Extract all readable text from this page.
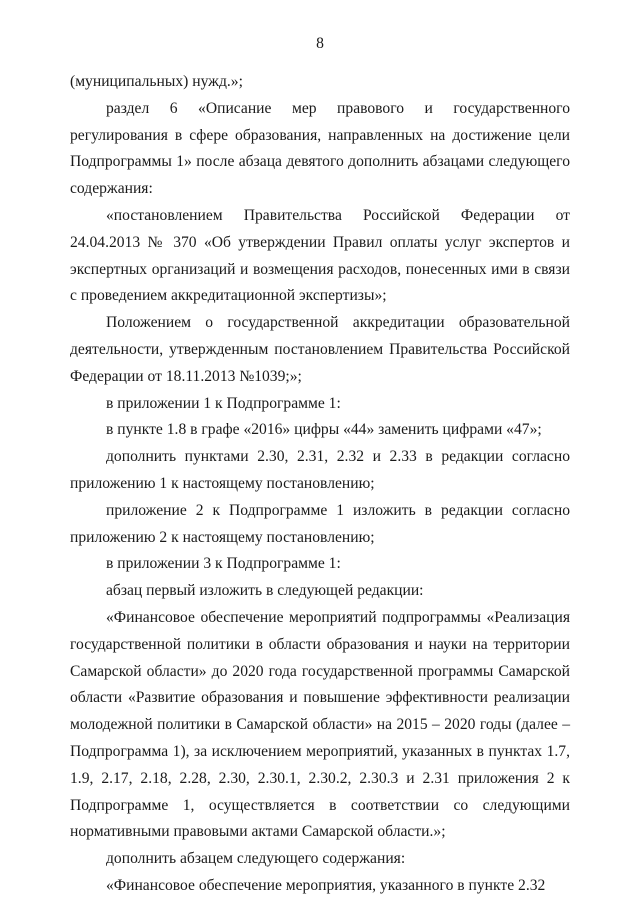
8

(муниципальных) нужд.»;

раздел 6 «Описание мер правового и государственного регулирования в сфере образования, направленных на достижение цели Подпрограммы 1» после абзаца девятого дополнить абзацами следующего содержания:

«постановлением Правительства Российской Федерации от 24.04.2013 № 370 «Об утверждении Правил оплаты услуг экспертов и экспертных организаций и возмещения расходов, понесенных ими в связи с проведением аккредитационной экспертизы»;

Положением о государственной аккредитации образовательной деятельности, утвержденным постановлением Правительства Российской Федерации от 18.11.2013 №1039;»;

в приложении 1 к Подпрограмме 1:

в пункте 1.8 в графе «2016» цифры «44» заменить цифрами «47»;

дополнить пунктами 2.30, 2.31, 2.32 и 2.33 в редакции согласно приложению 1 к настоящему постановлению;

приложение 2 к Подпрограмме 1 изложить в редакции согласно приложению 2 к настоящему постановлению;

в приложении 3 к Подпрограмме 1:

абзац первый изложить в следующей редакции:

«Финансовое обеспечение мероприятий подпрограммы «Реализация государственной политики в области образования и науки на территории Самарской области» до 2020 года государственной программы Самарской области «Развитие образования и повышение эффективности реализации молодежной политики в Самарской области» на 2015 – 2020 годы (далее – Подпрограмма 1), за исключением мероприятий, указанных в пунктах 1.7, 1.9, 2.17, 2.18, 2.28, 2.30, 2.30.1, 2.30.2, 2.30.3 и 2.31 приложения 2 к Подпрограмме 1, осуществляется в соответствии со следующими нормативными правовыми актами Самарской области.»;

дополнить абзацем следующего содержания:

«Финансовое обеспечение мероприятия, указанного в пункте 2.32
